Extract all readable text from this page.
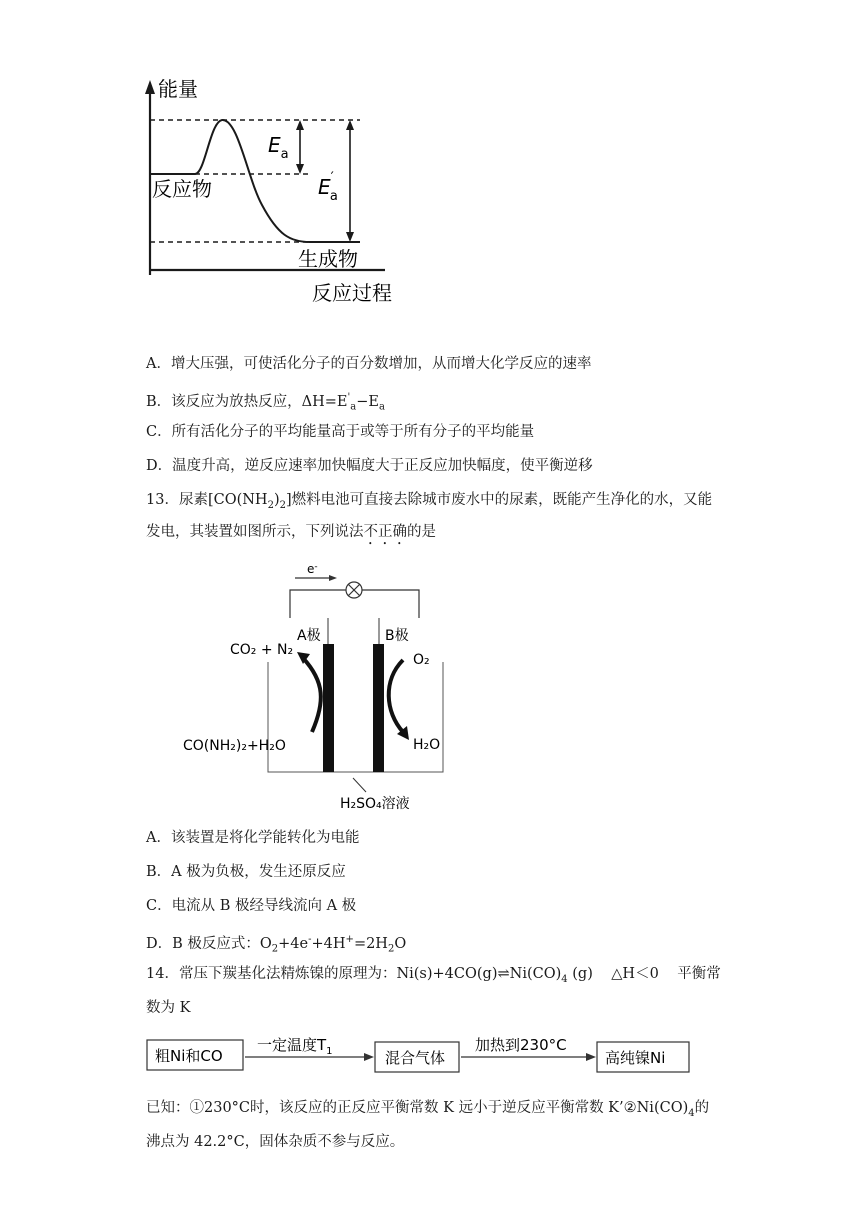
能量
反应物
生成物
反应过程
$E_a$
E′ a
A．增大压强，可使活化分子的百分数增加，从而增大化学反应的速率
B．该反应为放热反应，$\Delta H=E'_a-E_a$
C．所有活化分子的平均能量高于或等于所有分子的平均能量
D．温度升高，逆反应速率加快幅度大于正反应加快幅度，使平衡逆移
13．尿素$[CO(NH_2)_2]$燃料电池可直接去除城市废水中的尿素，既能产生净化的水，又能
发电，其装置如图所示，下列说法不正确的是
e-
A极	B极
CO₂ + N₂
CO(NH₂)₂+H₂O
O₂
H₂O
H₂SO₄溶液
A．该装置是将化学能转化为电能
B．A 极为负极，发生还原反应
C．电流从 B 极经导线流向 A 极
D．B 极反应式：$O_2+4e^-+4H^+=2H_2O$
14．常压下羰基化法精炼镍的原理为：$Ni(s)+4CO(g)\rightleftharpoons Ni(CO)_4$ (g)    △H＜0    平衡常
数为 K
粗Ni和CO	混合气体	高纯镍Ni
一定温度$T_1$	加热到230°C
已知：①230°C时，该反应的正反应平衡常数 K 远小于逆反应平衡常数 $K’②Ni(CO)_4$的
沸点为 42.2°C，固体杂质不参与反应。
